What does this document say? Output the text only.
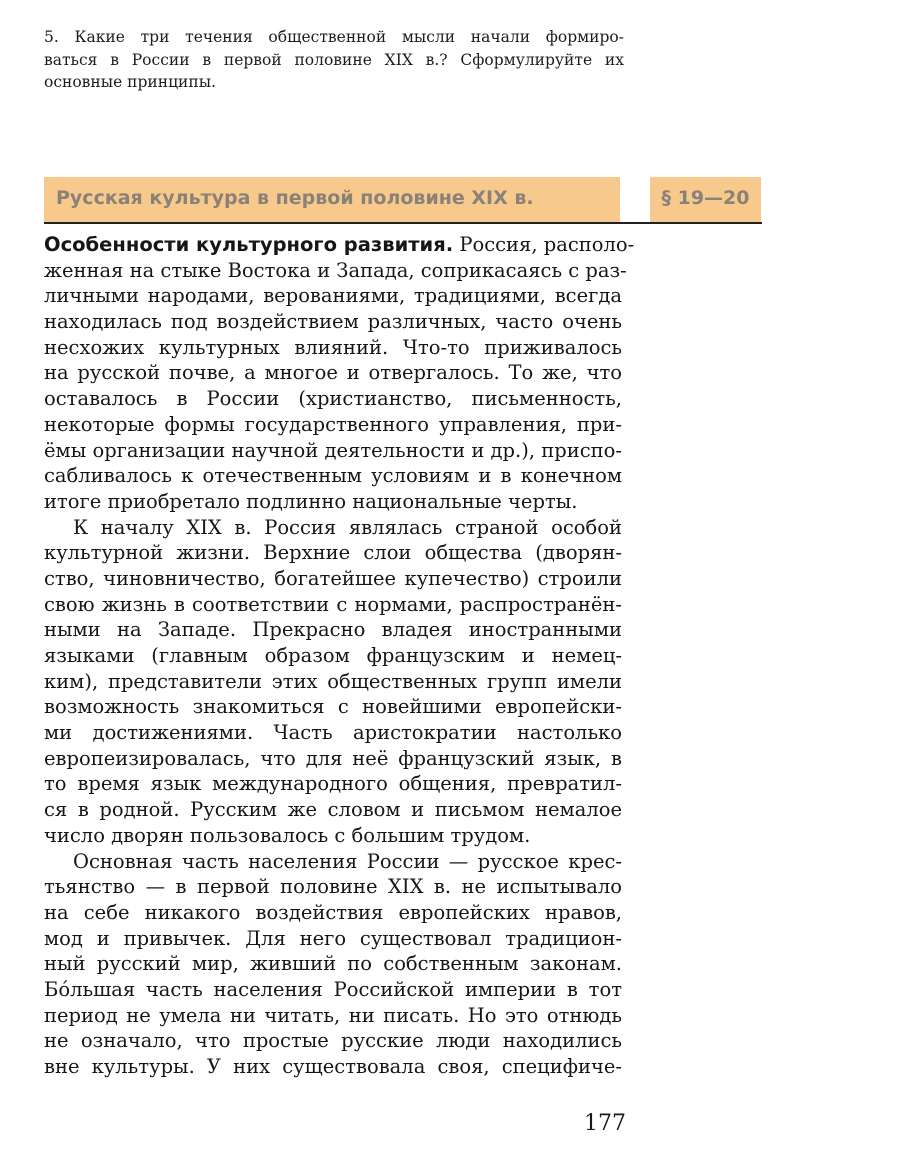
5. Какие три течения общественной мысли начали формиро-
ваться в России в первой половине XIX в.? Сформулируйте их
основные принципы.
Русская культура в первой половине XIX в.	§ 19—20
Особенности культурного развития. Россия, располо-
женная на стыке Востока и Запада, соприкасаясь с раз-
личными народами, верованиями, традициями, всегда
находилась под воздействием различных, часто очень
несхожих культурных влияний. Что-то приживалось
на русской почве, а многое и отвергалось. То же, что
оставалось в России (христианство, письменность,
некоторые формы государственного управления, при-
ёмы организации научной деятельности и др.), приспо-
сабливалось к отечественным условиям и в конечном
итоге приобретало подлинно национальные черты.
К началу XIX в. Россия являлась страной особой
культурной жизни. Верхние слои общества (дворян-
ство, чиновничество, богатейшее купечество) строили
свою жизнь в соответствии с нормами, распространён-
ными на Западе. Прекрасно владея иностранными
языками (главным образом французским и немец-
ким), представители этих общественных групп имели
возможность знакомиться с новейшими европейски-
ми достижениями. Часть аристократии настолько
европеизировалась, что для неё французский язык, в
то время язык международного общения, превратил-
ся в родной. Русским же словом и письмом немалое
число дворян пользовалось с большим трудом.
Основная часть населения России — русское крес-
тьянство — в первой половине XIX в. не испытывало
на себе никакого воздействия европейских нравов,
мод и привычек. Для него существовал традицион-
ный русский мир, живший по собственным законам.
Бóльшая часть населения Российской империи в тот
период не умела ни читать, ни писать. Но это отнюдь
не означало, что простые русские люди находились
вне культуры. У них существовала своя, специфиче-
177
